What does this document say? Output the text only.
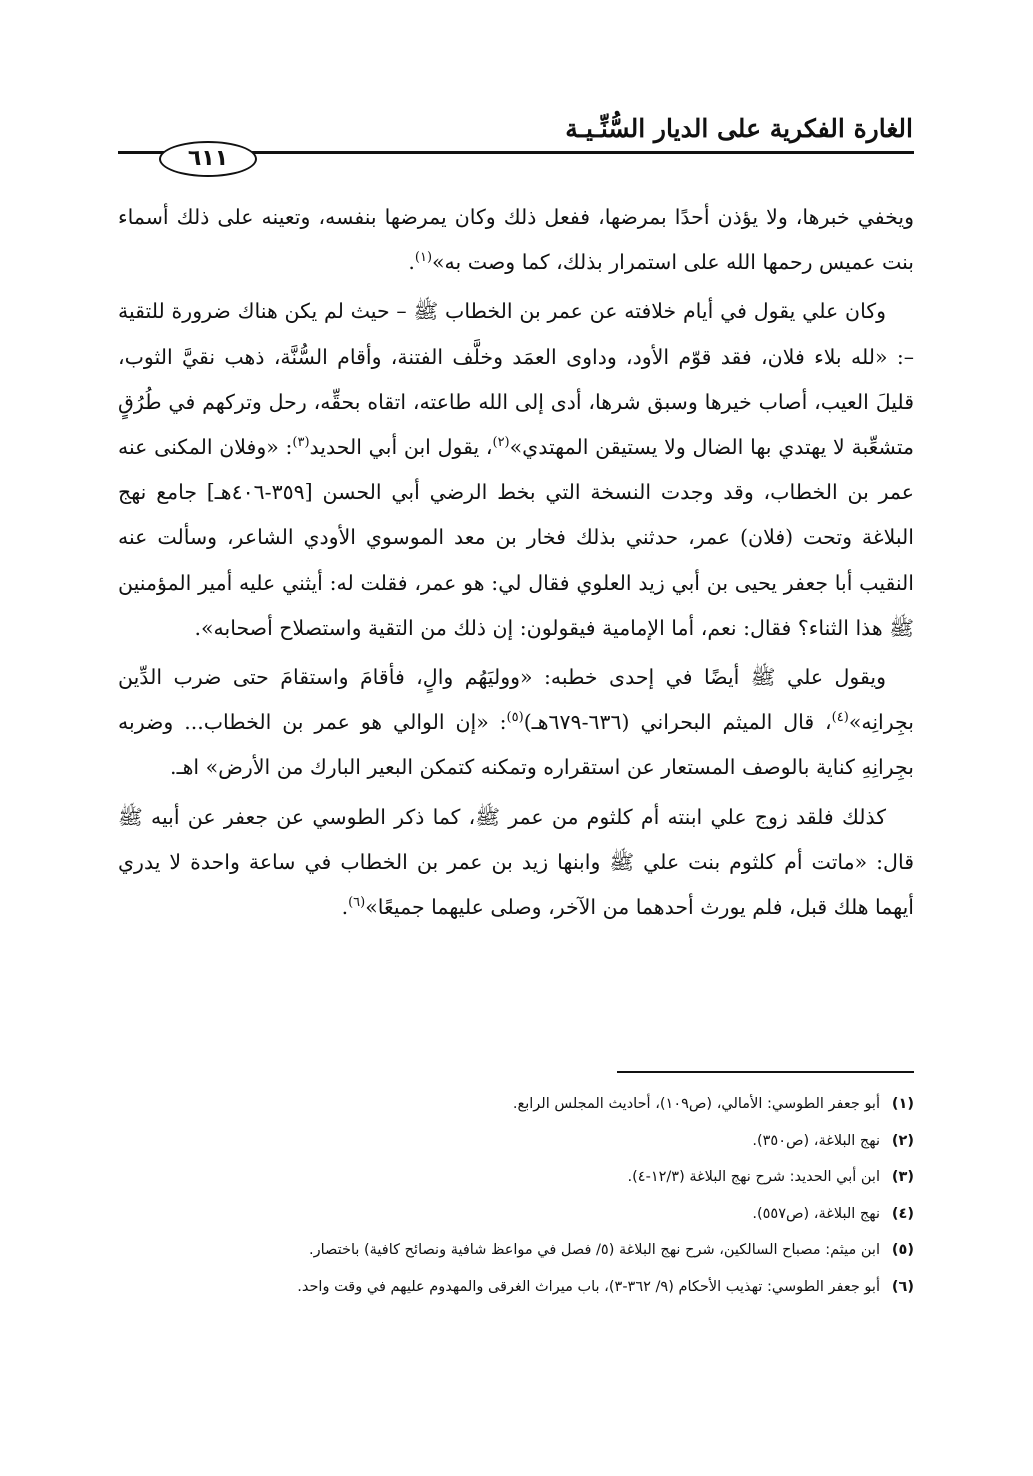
الغارة الفكرية على الديار السُّنِّـيـة
٦١١

ويخفي خبرها، ولا يؤذن أحدًا بمرضها، ففعل ذلك وكان يمرضها بنفسه، وتعينه على ذلك أسماء بنت عميس رحمها الله على استمرار بذلك، كما وصت به»$^{(١)}$.

وكان علي يقول في أيام خلافته عن عمر بن الخطاب ﷺ – حيث لم يكن هناك ضرورة للتقية –: «لله بلاء فلان، فقد قوّم الأود، وداوى العمَد وخلَّف الفتنة، وأقام السُّنَّة، ذهب نقيَّ الثوب، قليلَ العيب، أصاب خيرها وسبق شرها، أدى إلى الله طاعته، اتقاه بحقِّه، رحل وتركهم في طُرُقٍ متشعِّبة لا يهتدي بها الضال ولا يستيقن المهتدي»$^{(٢)}$، يقول ابن أبي الحديد$^{(٣)}$: «وفلان المكنى عنه عمر بن الخطاب، وقد وجدت النسخة التي بخط الرضي أبي الحسن [٣٥٩-٤٠٦هـ] جامع نهج البلاغة وتحت (فلان) عمر، حدثني بذلك فخار بن معد الموسوي الأودي الشاعر، وسألت عنه النقيب أبا جعفر يحيى بن أبي زيد العلوي فقال لي: هو عمر، فقلت له: أيثني عليه أمير المؤمنين ﷺ هذا الثناء؟ فقال: نعم، أما الإمامية فيقولون: إن ذلك من التقية واستصلاح أصحابه».

ويقول علي ﷺ أيضًا في إحدى خطبه: «ووليَهُم والٍ، فأقامَ واستقامَ حتى ضرب الدِّين بجِرانِه»$^{(٤)}$، قال الميثم البحراني (٦٣٦-٦٧٩هـ)$^{(٥)}$: «إن الوالي هو عمر بن الخطاب... وضربه بجِرانِهِ كناية بالوصف المستعار عن استقراره وتمكنه كتمكن البعير البارك من الأرض» اهـ.

كذلك فلقد زوج علي ابنته أم كلثوم من عمر ﷺ، كما ذكر الطوسي عن جعفر عن أبيه ﷺ قال: «ماتت أم كلثوم بنت علي ﷺ وابنها زيد بن عمر بن الخطاب في ساعة واحدة لا يدري أيهما هلك قبل، فلم يورث أحدهما من الآخر، وصلى عليهما جميعًا»$^{(٦)}$.

(١)أبو جعفر الطوسي: الأمالي، (ص١٠٩)، أحاديث المجلس الرابع.
(٢)نهج البلاغة، (ص٣٥٠).
(٣)ابن أبي الحديد: شرح نهج البلاغة (١٢/٣-٤).
(٤)نهج البلاغة، (ص٥٥٧).
(٥)ابن ميثم: مصباح السالكين، شرح نهج البلاغة (٥/ فصل في مواعظ شافية ونصائح كافية) باختصار.
(٦)أبو جعفر الطوسي: تهذيب الأحكام (٩/ ٣٦٢-٣)، باب ميراث الغرقى والمهدوم عليهم في وقت واحد.
